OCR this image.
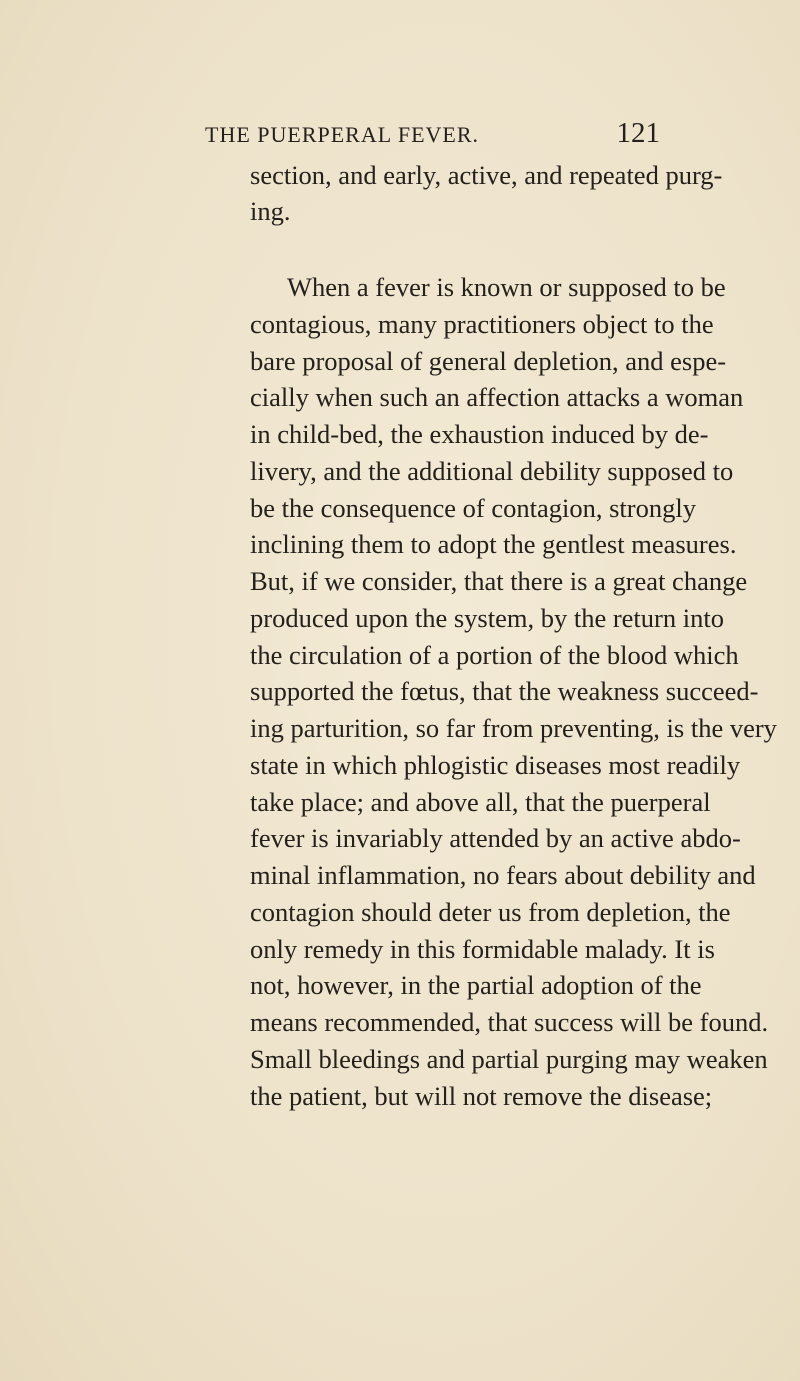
THE PUERPERAL FEVER.	121
section, and early, active, and repeated purg-
ing.
When a fever is known or supposed to be
contagious, many practitioners object to the
bare proposal of general depletion, and espe-
cially when such an affection attacks a woman
in child-bed, the exhaustion induced by de-
livery, and the additional debility supposed to
be the consequence of contagion, strongly
inclining them to adopt the gentlest measures.
But, if we consider, that there is a great change
produced upon the system, by the return into
the circulation of a portion of the blood which
supported the fœtus, that the weakness succeed-
ing parturition, so far from preventing, is the very
state in which phlogistic diseases most readily
take place; and above all, that the puerperal
fever is invariably attended by an active abdo-
minal inflammation, no fears about debility and
contagion should deter us from depletion, the
only remedy in this formidable malady. It is
not, however, in the partial adoption of the
means recommended, that success will be found.
Small bleedings and partial purging may weaken
the patient, but will not remove the disease;
